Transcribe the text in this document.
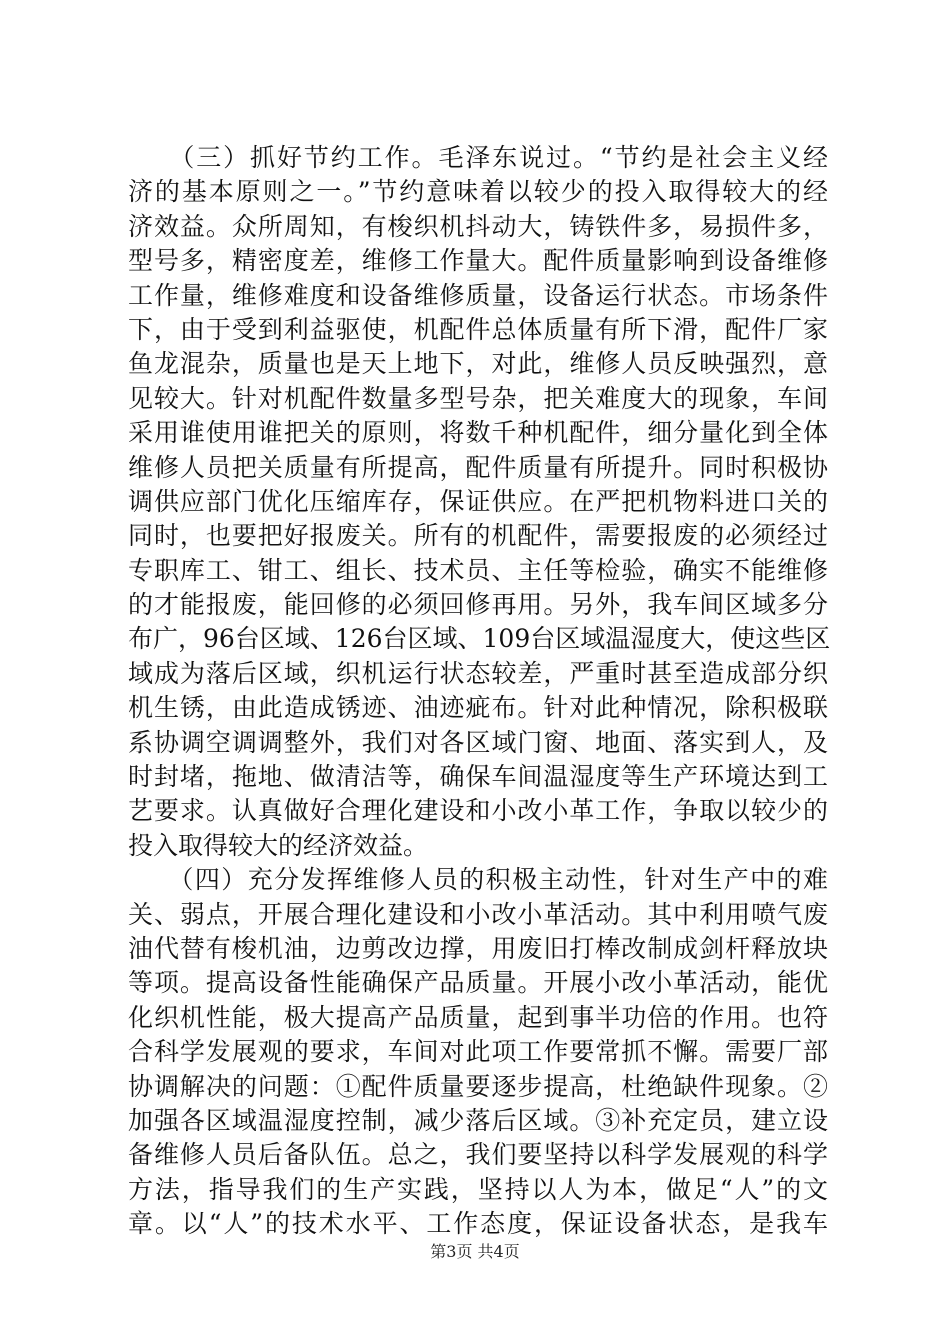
　　（三）抓好节约工作。毛泽东说过。“节约是社会主义经
济的基本原则之一。”节约意味着以较少的投入取得较大的经
济效益。众所周知，有梭织机抖动大，铸铁件多，易损件多，
型号多，精密度差，维修工作量大。配件质量影响到设备维修
工作量，维修难度和设备维修质量，设备运行状态。市场条件
下，由于受到利益驱使，机配件总体质量有所下滑，配件厂家
鱼龙混杂，质量也是天上地下，对此，维修人员反映强烈，意
见较大。针对机配件数量多型号杂，把关难度大的现象，车间
采用谁使用谁把关的原则，将数千种机配件，细分量化到全体
维修人员把关质量有所提高，配件质量有所提升。同时积极协
调供应部门优化压缩库存，保证供应。在严把机物料进口关的
同时，也要把好报废关。所有的机配件，需要报废的必须经过
专职库工、钳工、组长、技术员、主任等检验，确实不能维修
的才能报废，能回修的必须回修再用。另外，我车间区域多分
布广，96台区域、126台区域、109台区域温湿度大，使这些区
域成为落后区域，织机运行状态较差，严重时甚至造成部分织
机生锈，由此造成锈迹、油迹疵布。针对此种情况，除积极联
系协调空调调整外，我们对各区域门窗、地面、落实到人，及
时封堵，拖地、做清洁等，确保车间温湿度等生产环境达到工
艺要求。认真做好合理化建设和小改小革工作，争取以较少的
投入取得较大的经济效益。
　　（四）充分发挥维修人员的积极主动性，针对生产中的难
关、弱点，开展合理化建设和小改小革活动。其中利用喷气废
油代替有梭机油，边剪改边撑，用废旧打棒改制成剑杆释放块
等项。提高设备性能确保产品质量。开展小改小革活动，能优
化织机性能，极大提高产品质量，起到事半功倍的作用。也符
合科学发展观的要求，车间对此项工作要常抓不懈。需要厂部
协调解决的问题：①配件质量要逐步提高，杜绝缺件现象。②
加强各区域温湿度控制，减少落后区域。③补充定员，建立设
备维修人员后备队伍。总之，我们要坚持以科学发展观的科学
方法，指导我们的生产实践，坚持以人为本，做足“人”的文
章。以“人”的技术水平、工作态度，保证设备状态，是我车
第3页 共4页
